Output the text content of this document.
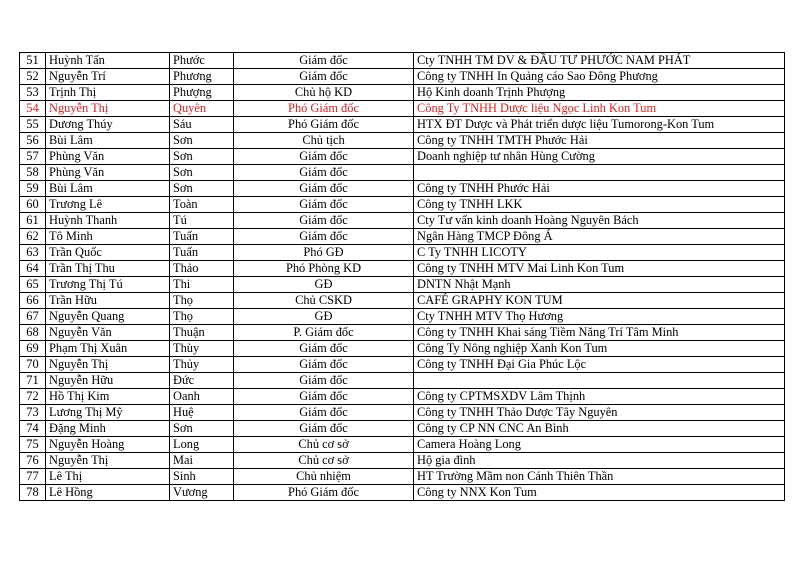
51	Huỳnh Tấn	Phước	Giám đốc	Cty TNHH TM DV & ĐẦU TƯ PHƯỚC NAM PHÁT
52	Nguyễn Trí	Phương	Giám đốc	Công ty TNHH In Quảng cáo Sao Đông Phương
53	Trịnh Thị	Phượng	Chủ hộ KD	Hộ Kinh doanh Trịnh Phượng
54	Nguyễn Thị	Quyên	Phó Giám đốc	Công Ty TNHH Dược liệu Ngọc Linh Kon Tum
55	Dương Thúy	Sáu	Phó Giám đốc	HTX ĐT Dược và Phát triển dược liệu Tumorong-Kon Tum
56	Bùi Lâm	Sơn	Chủ tịch	Công ty TNHH TMTH Phước Hải
57	Phùng Văn	Sơn	Giám đốc	Doanh nghiệp tư nhân Hùng Cường
58	Phùng Văn	Sơn	Giám đốc	
59	Bùi Lâm	Sơn	Giám đốc	Công ty TNHH Phước Hải
60	Trương Lê	Toàn	Giám đốc	Công ty TNHH LKK
61	Huỳnh Thanh	Tú	Giám đốc	Cty Tư vấn kinh doanh Hoàng Nguyên Bách
62	Tô Minh	Tuấn	Giám đốc	Ngân Hàng TMCP Đông Á
63	Trần Quốc	Tuấn	Phó GĐ	C Ty TNHH LICOTY
64	Trần Thị Thu	Thảo	Phó Phòng KD	Công ty TNHH MTV Mai Linh Kon Tum
65	Trương Thị Tú	Thi	GĐ	DNTN Nhật Mạnh
66	Trần Hữu	Thọ	Chủ CSKD	CAFÉ GRAPHY KON TUM
67	Nguyễn Quang	Thọ	GĐ	Cty TNHH MTV Thọ Hương
68	Nguyễn Văn	Thuận	P. Giám đốc	Công ty TNHH Khai sáng Tiềm Năng Trí Tâm Minh
69	Phạm Thị Xuân	Thùy	Giám đốc	Công Ty Nông nghiệp Xanh Kon Tum
70	Nguyễn Thị	Thủy	Giám đốc	Công ty TNHH Đại Gia Phúc Lộc
71	Nguyễn Hữu	Đức	Giám đốc	
72	Hồ Thị Kim	Oanh	Giám đốc	Công ty CPTMSXDV Lâm Thịnh
73	Lương Thị Mỹ	Huệ	Giám đốc	Công ty TNHH Thảo Dược Tây Nguyên
74	Đặng Minh	Sơn	Giám đốc	Công ty CP NN CNC An Bình
75	Nguyễn Hoàng	Long	Chủ cơ sở	Camera Hoàng Long
76	Nguyễn Thị	Mai	Chủ cơ sở	Hộ gia đình
77	Lê Thị	Sinh	Chủ nhiệm	HT Trường Mầm non Cánh Thiên Thần
78	Lê Hồng	Vương	Phó Giám đốc	Công ty NNX Kon Tum
